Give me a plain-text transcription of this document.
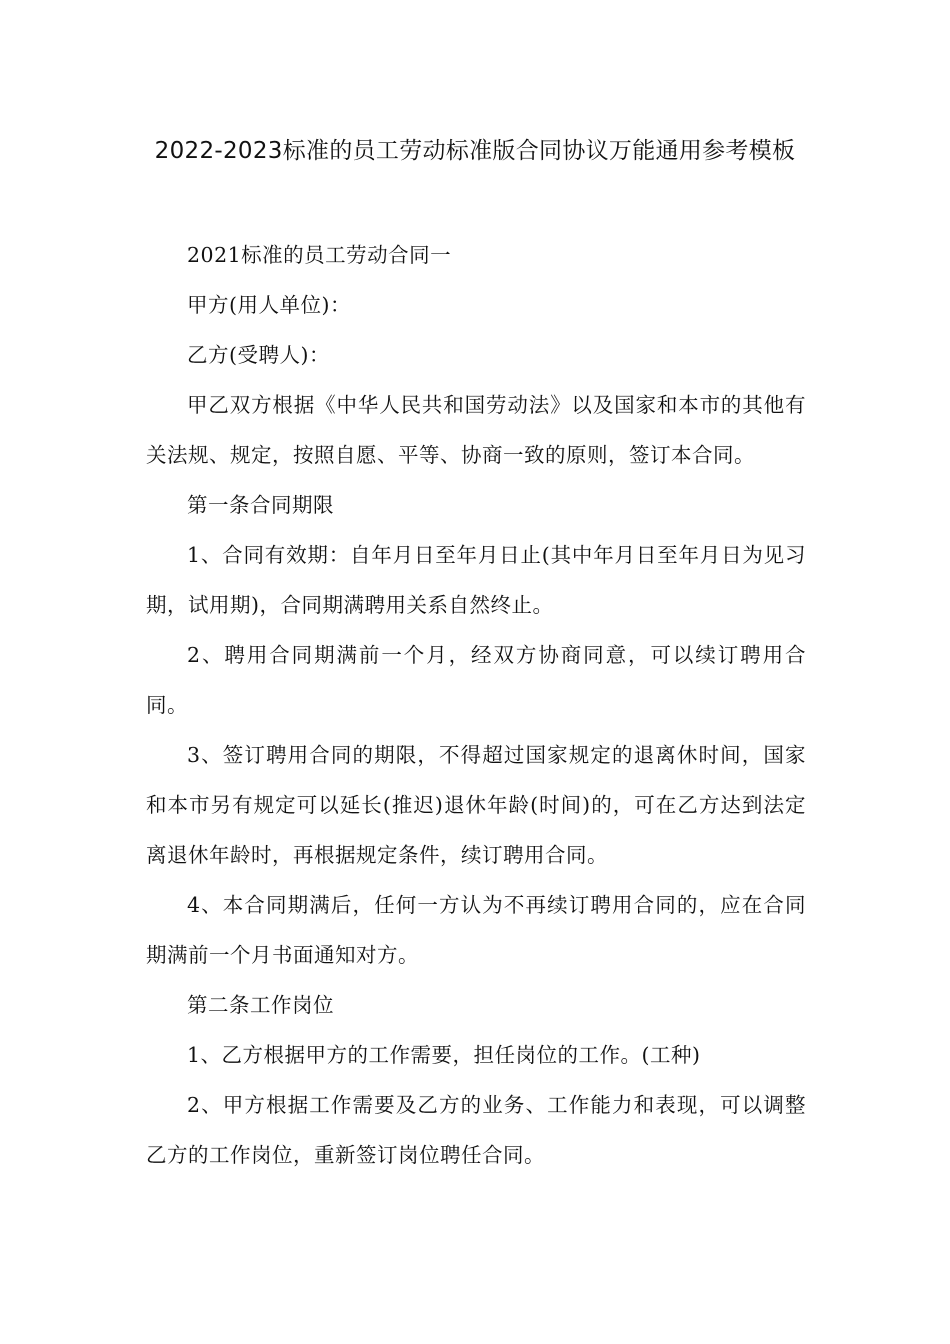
2022-2023标准的员工劳动标准版合同协议万能通用参考模板

2021标准的员工劳动合同一

甲方(用人单位)：

乙方(受聘人)：

甲乙双方根据《中华人民共和国劳动法》以及国家和本市的其他有关法规、规定，按照自愿、平等、协商一致的原则，签订本合同。

第一条合同期限

1、合同有效期：自年月日至年月日止(其中年月日至年月日为见习期，试用期)，合同期满聘用关系自然终止。

2、聘用合同期满前一个月，经双方协商同意，可以续订聘用合同。

3、签订聘用合同的期限，不得超过国家规定的退离休时间，国家和本市另有规定可以延长(推迟)退休年龄(时间)的，可在乙方达到法定离退休年龄时，再根据规定条件，续订聘用合同。

4、本合同期满后，任何一方认为不再续订聘用合同的，应在合同期满前一个月书面通知对方。

第二条工作岗位

1、乙方根据甲方的工作需要，担任岗位的工作。(工种)

2、甲方根据工作需要及乙方的业务、工作能力和表现，可以调整乙方的工作岗位，重新签订岗位聘任合同。
